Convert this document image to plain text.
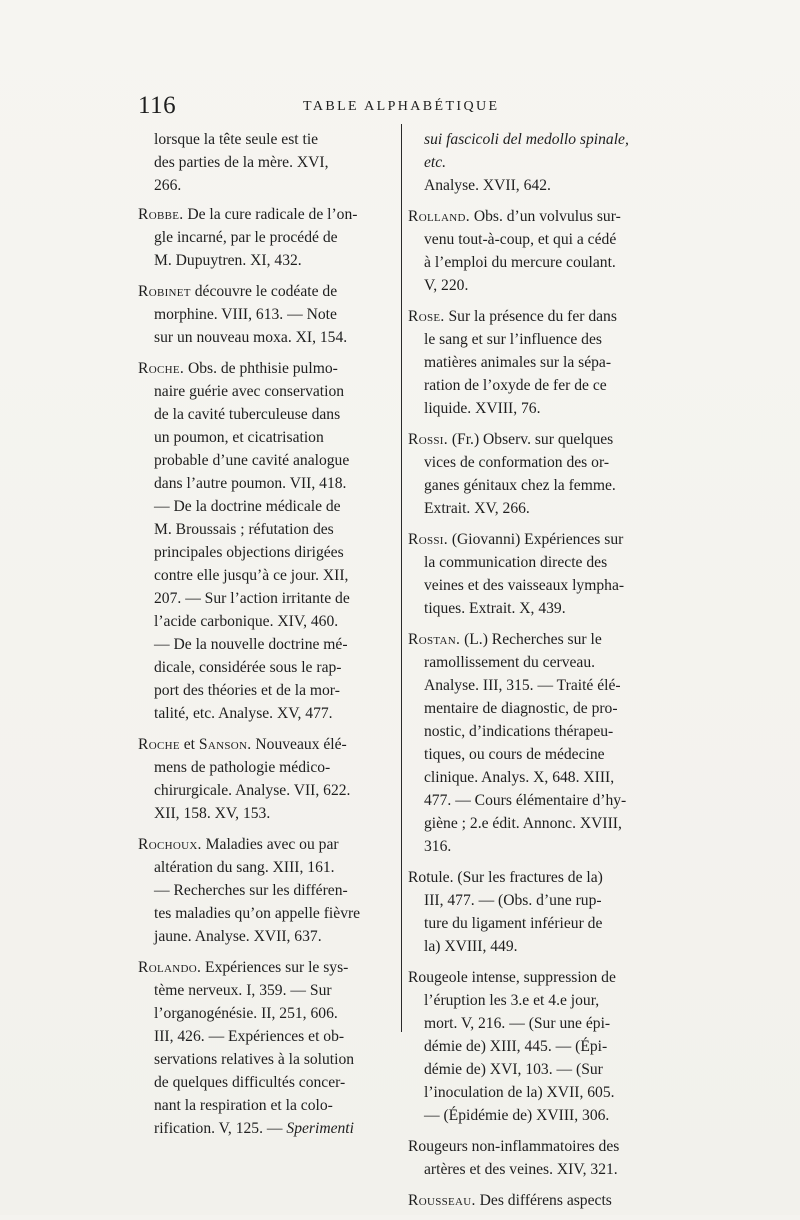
116	TABLE ALPHABÉTIQUE
lorsque la tête seule est tie
des parties de la mère. XVI,
266.
Robbe. De la cure radicale de l’on-
gle incarné, par le procédé de
M. Dupuytren. XI, 432.
Robinet découvre le codéate de
morphine. VIII, 613. — Note
sur un nouveau moxa. XI, 154.
Roche. Obs. de phthisie pulmo-
naire guérie avec conservation
de la cavité tuberculeuse dans
un poumon, et cicatrisation
probable d’une cavité analogue
dans l’autre poumon. VII, 418.
— De la doctrine médicale de
M. Broussais ; réfutation des
principales objections dirigées
contre elle jusqu’à ce jour. XII,
207. — Sur l’action irritante de
l’acide carbonique. XIV, 460.
— De la nouvelle doctrine mé-
dicale, considérée sous le rap-
port des théories et de la mor-
talité, etc. Analyse. XV, 477.
Roche et Sanson. Nouveaux élé-
mens de pathologie médico-
chirurgicale. Analyse. VII, 622.
XII, 158. XV, 153.
Rochoux. Maladies avec ou par
altération du sang. XIII, 161.
— Recherches sur les différen-
tes maladies qu’on appelle fièvre
jaune. Analyse. XVII, 637.
Rolando. Expériences sur le sys-
tème nerveux. I, 359. — Sur
l’organogénésie. II, 251, 606.
III, 426. — Expériences et ob-
servations relatives à la solution
de quelques difficultés concer-
nant la respiration et la colo-
rification. V, 125. — Sperimenti
sui fascicoli del medollo spinale,
etc.
Analyse. XVII, 642.
Rolland. Obs. d’un volvulus sur-
venu tout-à-coup, et qui a cédé
à l’emploi du mercure coulant.
V, 220.
Rose. Sur la présence du fer dans
le sang et sur l’influence des
matières animales sur la sépa-
ration de l’oxyde de fer de ce
liquide. XVIII, 76.
Rossi. (Fr.) Observ. sur quelques
vices de conformation des or-
ganes génitaux chez la femme.
Extrait. XV, 266.
Rossi. (Giovanni) Expériences sur
la communication directe des
veines et des vaisseaux lympha-
tiques. Extrait. X, 439.
Rostan. (L.) Recherches sur le
ramollissement du cerveau.
Analyse. III, 315. — Traité élé-
mentaire de diagnostic, de pro-
nostic, d’indications thérapeu-
tiques, ou cours de médecine
clinique. Analys. X, 648. XIII,
477. — Cours élémentaire d’hy-
giène ; 2.e édit. Annonc. XVIII,
316.
Rotule. (Sur les fractures de la)
III, 477. — (Obs. d’une rup-
ture du ligament inférieur de
la) XVIII, 449.
Rougeole intense, suppression de
l’éruption les 3.e et 4.e jour,
mort. V, 216. — (Sur une épi-
démie de) XIII, 445. — (Épi-
démie de) XVI, 103. — (Sur
l’inoculation de la) XVII, 605.
— (Épidémie de) XVIII, 306.
Rougeurs non-inflammatoires des
artères et des veines. XIV, 321.
Rousseau. Des différens aspects
